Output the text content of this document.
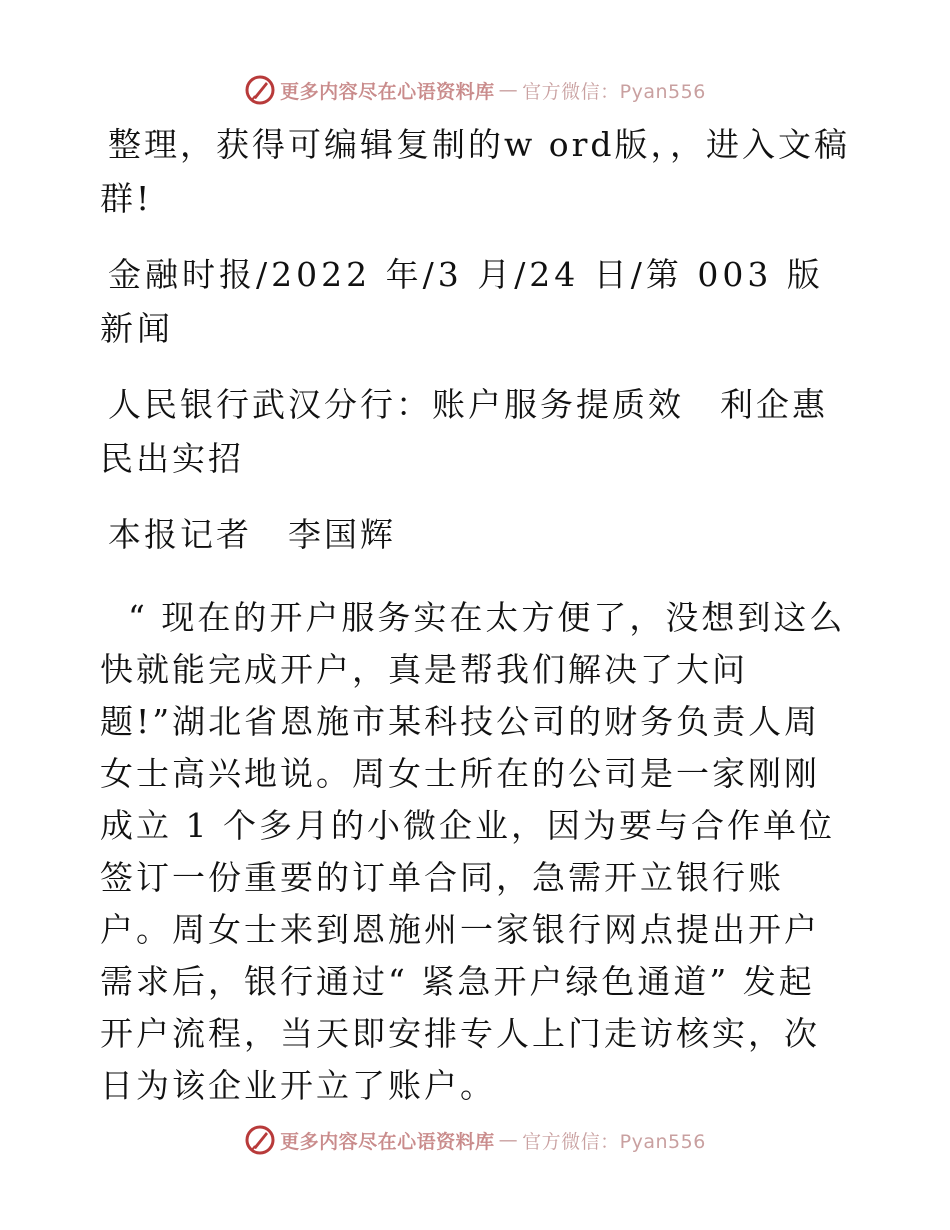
更多内容尽在心语资料库 — 官方微信：Pyan556

整理，获得可编辑复制的w ord版，，进入文稿群!

金融时报/2022 年/3 月/24 日/第 003 版新闻

人民银行武汉分行：账户服务提质效　利企惠民出实招

本报记者　李国辉

“ 现在的开户服务实在太方便了，没想到这么快就能完成开户，真是帮我们解决了大问题!”湖北省恩施市某科技公司的财务负责人周女士高兴地说。周女士所在的公司是一家刚刚成立 1 个多月的小微企业，因为要与合作单位签订一份重要的订单合同，急需开立银行账户。周女士来到恩施州一家银行网点提出开户需求后，银行通过“ 紧急开户绿色通道” 发起开户流程，当天即安排专人上门走访核实，次日为该企业开立了账户。

更多内容尽在心语资料库 — 官方微信：Pyan556
